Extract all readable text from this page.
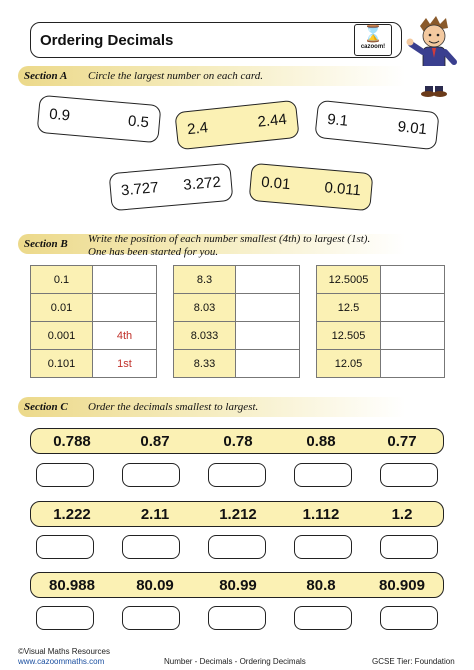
Ordering Decimals	⌛
cazoom!
Section A Circle the largest number on each card.
0.9	0.5 2.4	2.44	9.1	9.01
3.727 3.272	0.01 0.011
Section B Write the position of each number smallest (4th) to largest (1st).
One has been started for you.
0.1	
0.01	
0.001	4th
0.101	1st
8.3	
8.03	
8.033	
8.33	
12.5005	
12.5	
12.505	
12.05	
Section C Order the decimals smallest to largest.
0.788	0.87	0.78	0.88	0.77
1.222	2.11	1.212	1.112	1.2
80.988	80.09	80.99	80.8	80.909
©Visual Maths Resources
www.cazoommaths.com	Number - Decimals - Ordering Decimals	GCSE Tier: Foundation
